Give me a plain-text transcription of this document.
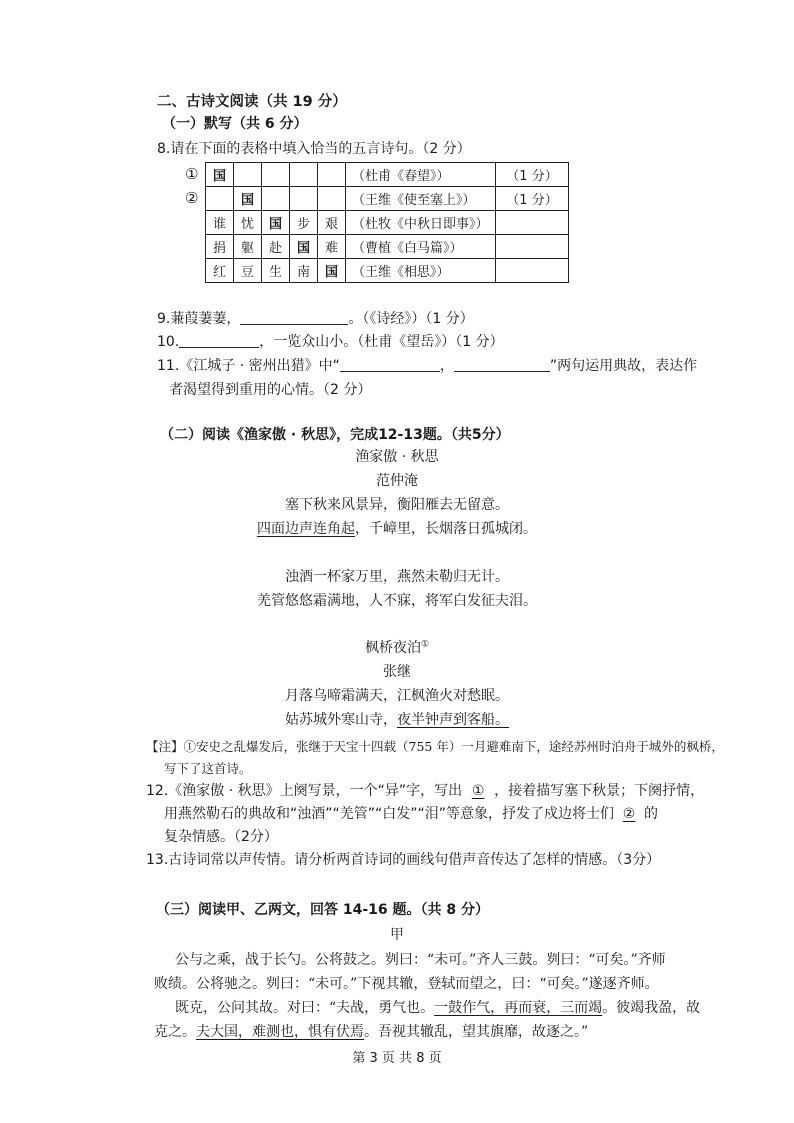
二、古诗文阅读（共 19 分）
（一）默写（共 6 分）
8.请在下面的表格中填入恰当的五言诗句。（2 分）
①
②
国					（杜甫《春望》）	（1 分）
	国				（王维《使至塞上》）	（1 分）
谁	忧	国	步	艰	（杜牧《中秋日即事》）	
捐	躯	赴	国	难	（曹植《白马篇》）	
红	豆	生	南	国	（王维《相思》）	
9.蒹葭萋萋，	。（《诗经》）（1 分）
10.	，一览众山小。（杜甫《望岳》）（1 分）
11.《江城子 · 密州出猎》中“	，	”两句运用典故，表达作
者渴望得到重用的心情。（2 分）
（二）阅读《渔家傲 · 秋思》，完成12-13题。（共5分）
渔家傲 · 秋思
范仲淹
塞下秋来风景异，衡阳雁去无留意。
四面边声连角起，千嶂里，长烟落日孤城闭。
浊酒一杯家万里，燕然未勒归无计。
羌管悠悠霜满地，人不寐，将军白发征夫泪。
枫桥夜泊①
张继
月落乌啼霜满天，江枫渔火对愁眠。
姑苏城外寒山寺，夜半钟声到客船。
【注】①安史之乱爆发后，张继于天宝十四载（755 年）一月避难南下，途经苏州时泊舟于城外的枫桥，
写下了这首诗。
12.《渔家傲 · 秋思》上阕写景，一个“异”字，写出 ① ，接着描写塞下秋景；下阕抒情，
用燕然勒石的典故和“浊酒”“羌管”“白发”“泪”等意象，抒发了戍边将士们 ② 的
复杂情感。（2分）
13.古诗词常以声传情。请分析两首诗词的画线句借声音传达了怎样的情感。（3分）
（三）阅读甲、乙两文，回答 14-16 题。（共 8 分）
甲
公与之乘，战于长勺。公将鼓之。刿曰：“未可。”齐人三鼓。刿曰：“可矣。”齐师
败绩。公将驰之。刿曰：“未可。”下视其辙，登轼而望之，曰：“可矣。”遂逐齐师。
既克，公问其故。对曰：“夫战，勇气也。一鼓作气，再而衰，三而竭。彼竭我盈，故
克之。夫大国，难测也，惧有伏焉。吾视其辙乱，望其旗靡，故逐之。”
第 3 页 共 8 页
